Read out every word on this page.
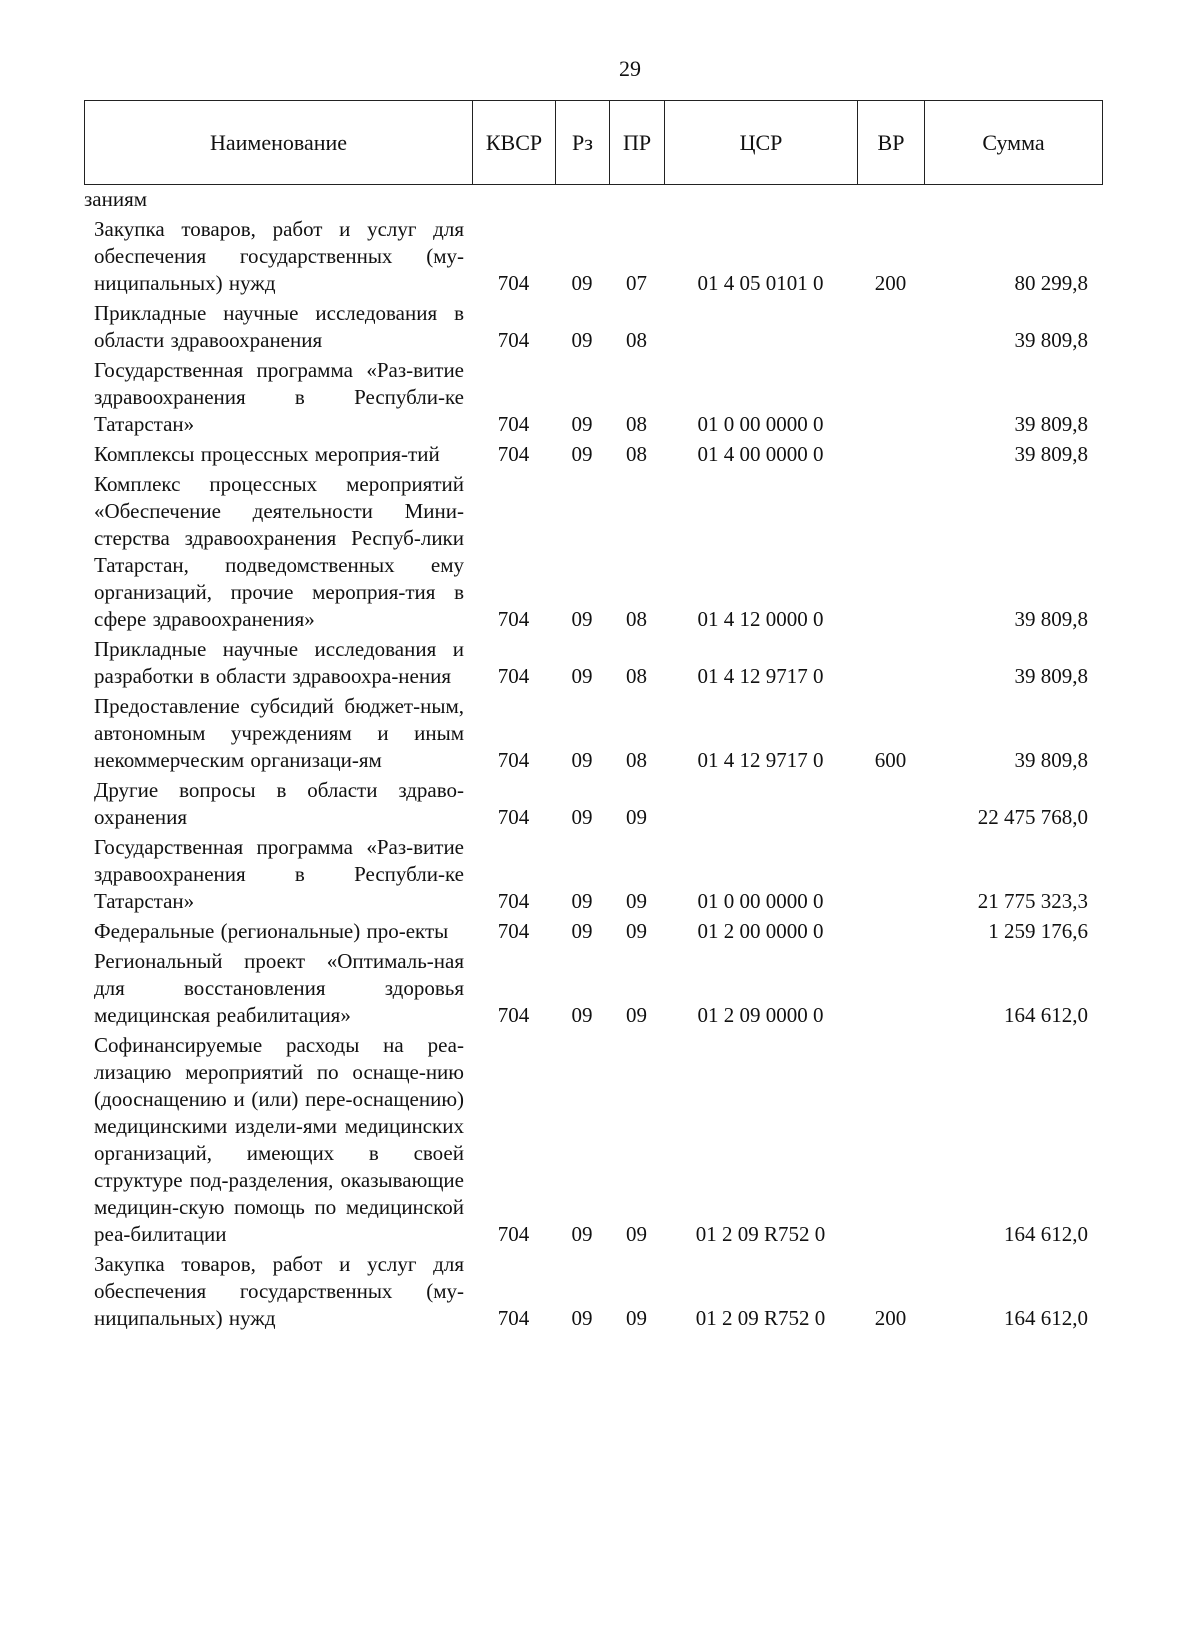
29
Наименование	КВСР	Рз	ПР	ЦСР	ВР	Сумма
заниям						
Закупка товаров, работ и услуг для обеспечения государственных (му-ниципальных) нужд	704	09	07	01 4 05 0101 0	200	80 299,8
Прикладные научные исследования в области здравоохранения	704	09	08			39 809,8
Государственная программа «Раз-витие здравоохранения в Республи-ке Татарстан»	704	09	08	01 0 00 0000 0		39 809,8
Комплексы процессных мероприя-тий	704	09	08	01 4 00 0000 0		39 809,8
Комплекс процессных мероприятий «Обеспечение деятельности Мини-стерства здравоохранения Респуб-лики Татарстан, подведомственных ему организаций, прочие мероприя-тия в сфере здравоохранения»	704	09	08	01 4 12 0000 0		39 809,8
Прикладные научные исследования и разработки в области здравоохра-нения	704	09	08	01 4 12 9717 0		39 809,8
Предоставление субсидий бюджет-ным, автономным учреждениям и иным некоммерческим организаци-ям	704	09	08	01 4 12 9717 0	600	39 809,8
Другие вопросы в области здраво-охранения	704	09	09			22 475 768,0
Государственная программа «Раз-витие здравоохранения в Республи-ке Татарстан»	704	09	09	01 0 00 0000 0		21 775 323,3
Федеральные (региональные) про-екты	704	09	09	01 2 00 0000 0		1 259 176,6
Региональный проект «Оптималь-ная для восстановления здоровья медицинская реабилитация»	704	09	09	01 2 09 0000 0		164 612,0
Софинансируемые расходы на реа-лизацию мероприятий по оснаще-нию (дооснащению и (или) пере-оснащению) медицинскими издели-ями медицинских организаций, имеющих в своей структуре под-разделения, оказывающие медицин-скую помощь по медицинской реа-билитации	704	09	09	01 2 09 R752 0		164 612,0
Закупка товаров, работ и услуг для обеспечения государственных (му-ниципальных) нужд	704	09	09	01 2 09 R752 0	200	164 612,0
